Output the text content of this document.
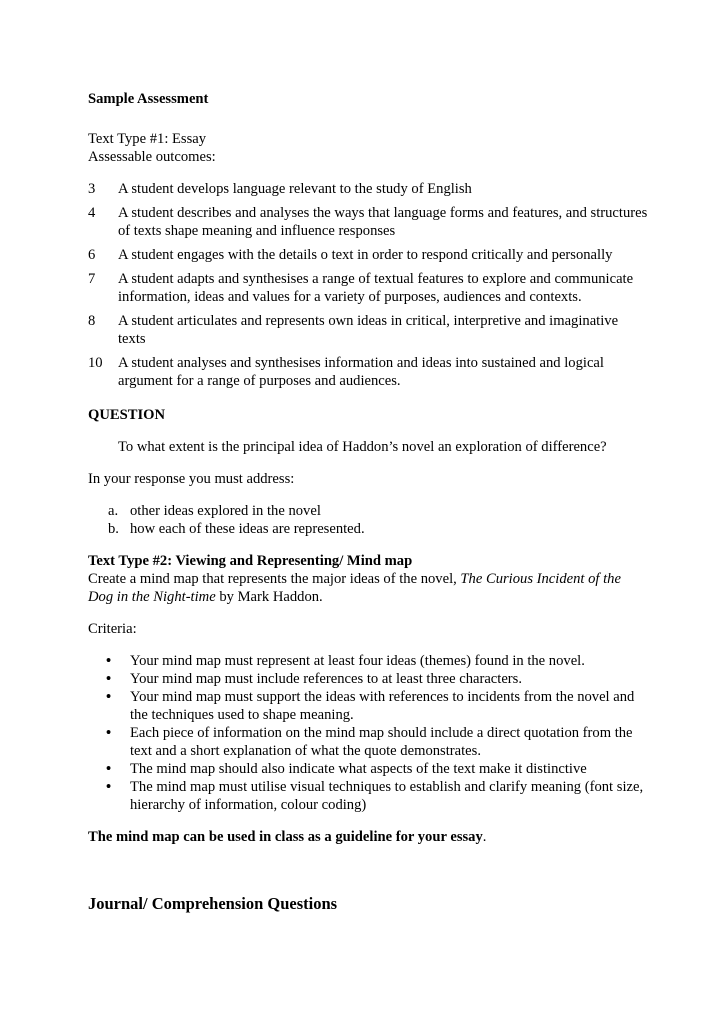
Sample Assessment

Text Type #1: Essay

Assessable outcomes:

3	A student develops language relevant to the study of English
4	A student describes and analyses the ways that language forms and features, and structures of texts shape meaning and influence responses
6	A student engages with the details o text in order to respond critically and personally
7	A student adapts and synthesises a range of textual features to explore and communicate information, ideas and values for a variety of purposes, audiences and contexts.
8	A student articulates and represents own ideas in critical, interpretive and imaginative texts
10	A student analyses and synthesises information and ideas into sustained and logical argument for a range of purposes and audiences.

QUESTION

To what extent is the principal idea of Haddon’s novel an exploration of difference?

In your response you must address:

a. other ideas explored in the novel
b. how each of these ideas are represented.

Text Type #2: Viewing and Representing/ Mind map

Create a mind map that represents the major ideas of the novel, The Curious Incident of the Dog in the Night-time by Mark Haddon.

Criteria:

•	Your mind map must represent at least four ideas (themes) found in the novel.
•	Your mind map must include references to at least three characters.
•	Your mind map must support the ideas with references to incidents from the novel and the techniques used to shape meaning.
•	Each piece of information on the mind map should include a direct quotation from the text and a short explanation of what the quote demonstrates.
•	The mind map should also indicate what aspects of the text make it distinctive
•	The mind map must utilise visual techniques to establish and clarify meaning (font size, hierarchy of information, colour coding)

The mind map can be used in class as a guideline for your essay.

Journal/ Comprehension Questions
